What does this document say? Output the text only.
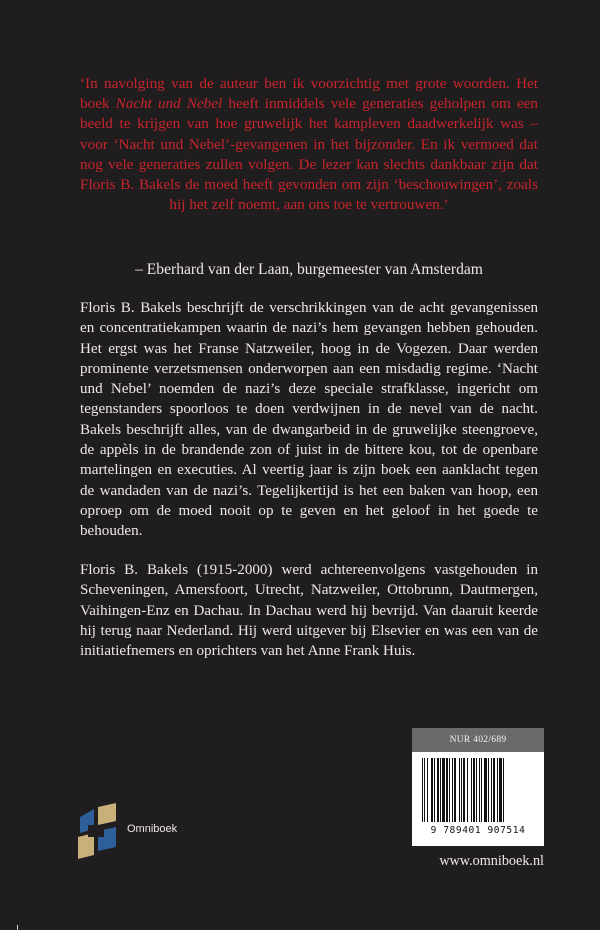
‘In navolging van de auteur ben ik voorzichtig met grote woorden. Het boek Nacht und Nebel heeft inmiddels vele generaties geholpen om een beeld te krijgen van hoe gruwelijk het kampleven daadwerkelijk was – voor ‘Nacht und Nebel’-gevangenen in het bijzonder. En ik vermoed dat nog vele generaties zullen volgen. De lezer kan slechts dankbaar zijn dat Floris B. Bakels de moed heeft gevonden om zijn ‘beschouwingen’, zoals hij het zelf noemt, aan ons toe te vertrouwen.’
– Eberhard van der Laan, burgemeester van Amsterdam
Floris B. Bakels beschrijft de verschrikkingen van de acht gevangenissen en concentratiekampen waarin de nazi’s hem gevangen hebben gehouden. Het ergst was het Franse Natzweiler, hoog in de Vogezen. Daar werden prominente verzetsmensen onderworpen aan een misdadig regime. ‘Nacht und Nebel’ noemden de nazi’s deze speciale strafklasse, ingericht om tegenstanders spoorloos te doen verdwijnen in de nevel van de nacht. Bakels beschrijft alles, van de dwangarbeid in de gruwelijke steengroeve, de appèls in de brandende zon of juist in de bittere kou, tot de openbare martelingen en executies. Al veertig jaar is zijn boek een aanklacht tegen de wandaden van de nazi’s. Tegelijkertijd is het een baken van hoop, een oproep om de moed nooit op te geven en het geloof in het goede te behouden.
Floris B. Bakels (1915-2000) werd achtereenvolgens vastgehouden in Scheveningen, Amersfoort, Utrecht, Natzweiler, Ottobrunn, Dautmergen, Vaihingen-Enz en Dachau. In Dachau werd hij bevrijd. Van daaruit keerde hij terug naar Nederland. Hij werd uitgever bij Elsevier en was een van de initiatiefnemers en oprichters van het Anne Frank Huis.
Omniboek
NUR 402/689
9 789401 907514
www.omniboek.nl
